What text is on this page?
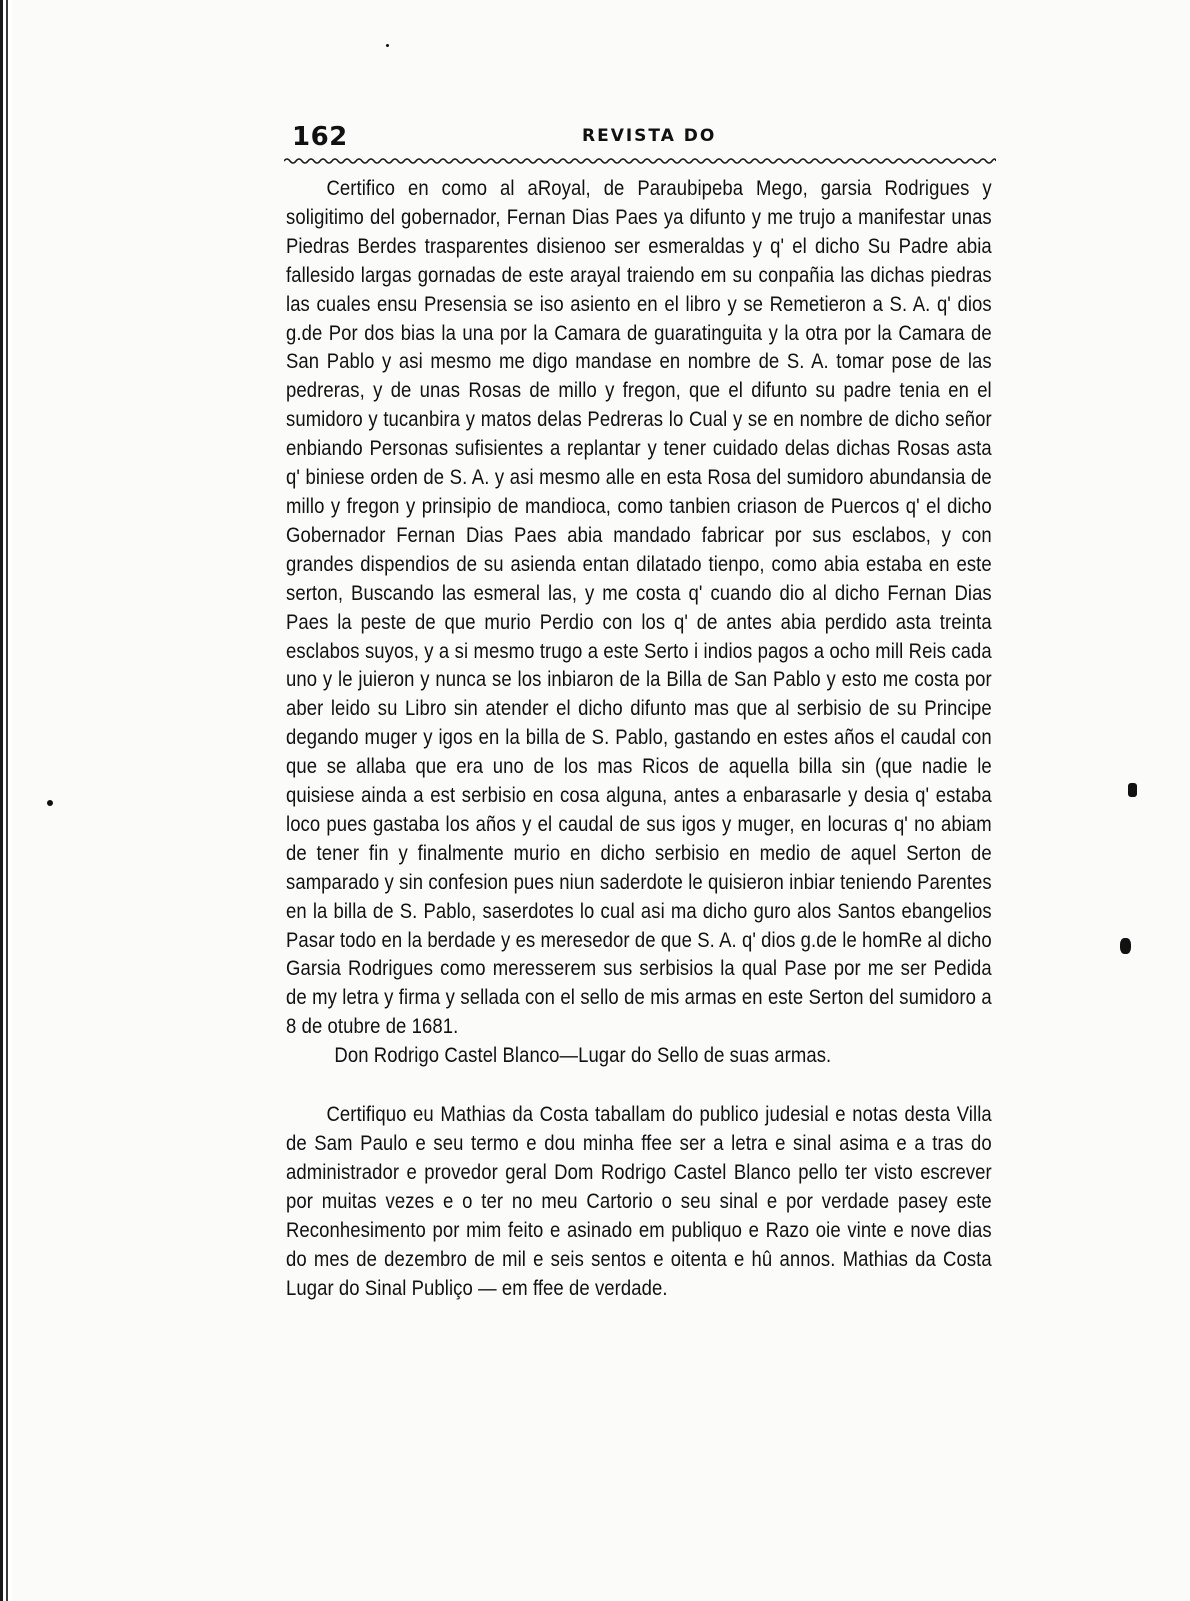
162	REVISTA DO

Certifico en como al aRoyal, de Paraubipeba Mego, garsia Rodrigues y soligitimo del gobernador, Fernan Dias Paes ya difunto y me trujo a manifestar unas Piedras Berdes trasparentes disienoo ser esmeraldas y q' el dicho Su Padre abia fallesido largas gornadas de este arayal traiendo em su conpañia las dichas piedras las cuales ensu Presensia se iso asiento en el libro y se Remetieron a S. A. q' dios g.de Por dos bias la una por la Camara de guaratinguita y la otra por la Camara de San Pablo y asi mesmo me digo mandase en nombre de S. A. tomar pose de las pedreras, y de unas Rosas de millo y fregon, que el difunto su padre tenia en el sumidoro y tucanbira y matos delas Pedreras lo Cual y se en nombre de dicho señor enbiando Personas sufisientes a replantar y tener cuidado delas dichas Rosas asta q' biniese orden de S. A. y asi mesmo alle en esta Rosa del sumidoro abundansia de millo y fregon y prinsipio de mandioca, como tanbien criason de Puercos q' el dicho Gobernador Fernan Dias Paes abia mandado fabricar por sus esclabos, y con grandes dispendios de su asienda entan dilatado tienpo, como abia estaba en este serton, Buscando las esmeral las, y me costa q' cuando dio al dicho Fernan Dias Paes la peste de que murio Perdio con los q' de antes abia perdido asta treinta esclabos suyos, y a si mesmo trugo a este Serto i indios pagos a ocho mill Reis cada uno y le juieron y nunca se los inbiaron de la Billa de San Pablo y esto me costa por aber leido su Libro sin atender el dicho difunto mas que al serbisio de su Principe degando muger y igos en la billa de S. Pablo, gastando en estes años el caudal con que se allaba que era uno de los mas Ricos de aquella billa sin (que nadie le quisiese ainda a est serbisio en cosa alguna, antes a enbarasarle y desia q' estaba loco pues gastaba los años y el caudal de sus igos y muger, en locuras q' no abiam de tener fin y finalmente murio en dicho serbisio en medio de aquel Serton de samparado y sin confesion pues niun saderdote le quisieron inbiar teniendo Parentes en la billa de S. Pablo, saserdotes lo cual asi ma dicho guro alos Santos ebangelios Pasar todo en la berdade y es meresedor de que S. A. q' dios g.de le homRe al dicho Garsia Rodrigues como meresserem sus serbisios la qual Pase por me ser Pedida de my letra y firma y sellada con el sello de mis armas en este Serton del sumidoro a 8 de otubre de 1681.

Don Rodrigo Castel Blanco—Lugar do Sello de suas armas.

Certifiquo eu Mathias da Costa taballam do publico judesial e notas desta Villa de Sam Paulo e seu termo e dou minha ffee ser a letra e sinal asima e a tras do administrador e provedor geral Dom Rodrigo Castel Blanco pello ter visto escrever por muitas vezes e o ter no meu Cartorio o seu sinal e por verdade pasey este Reconhesimento por mim feito e asinado em publiquo e Razo oie vinte e nove dias do mes de dezembro de mil e seis sentos e oitenta e hû annos. Mathias da Costa Lugar do Sinal Publiço — em ffee de verdade.
